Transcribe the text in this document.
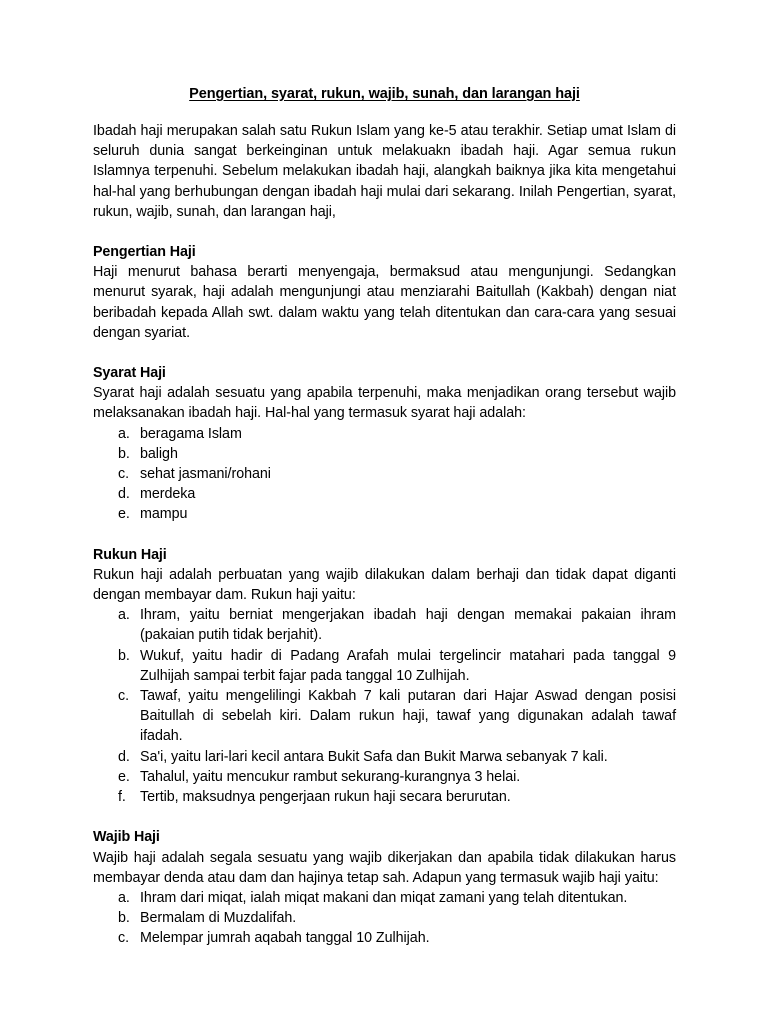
Pengertian, syarat, rukun, wajib, sunah, dan larangan haji

Ibadah haji merupakan salah satu Rukun Islam yang ke-5 atau terakhir. Setiap umat Islam di seluruh dunia sangat berkeinginan untuk melakuakn ibadah haji. Agar semua rukun Islamnya terpenuhi. Sebelum melakukan ibadah haji, alangkah baiknya jika kita mengetahui hal-hal yang berhubungan dengan ibadah haji mulai dari sekarang. Inilah Pengertian, syarat, rukun, wajib, sunah, dan larangan haji,

Pengertian Haji

Haji menurut bahasa berarti menyengaja, bermaksud atau mengunjungi. Sedangkan menurut syarak, haji adalah mengunjungi atau menziarahi Baitullah (Kakbah) dengan niat beribadah kepada Allah swt. dalam waktu yang telah ditentukan dan cara-cara yang sesuai dengan syariat.

Syarat Haji

Syarat haji adalah sesuatu yang apabila terpenuhi, maka menjadikan orang tersebut wajib melaksanakan ibadah haji. Hal-hal yang termasuk syarat haji adalah:

a. beragama Islam
b. baligh
c. sehat jasmani/rohani
d. merdeka
e. mampu
Rukun Haji

Rukun haji adalah perbuatan yang wajib dilakukan dalam berhaji dan tidak dapat diganti dengan membayar dam. Rukun haji yaitu:

a. Ihram, yaitu berniat mengerjakan ibadah haji dengan memakai pakaian ihram (pakaian putih tidak berjahit).
b. Wukuf, yaitu hadir di Padang Arafah mulai tergelincir matahari pada tanggal 9 Zulhijah sampai terbit fajar pada tanggal 10 Zulhijah.
c. Tawaf, yaitu mengelilingi Kakbah 7 kali putaran dari Hajar Aswad dengan posisi Baitullah di sebelah kiri. Dalam rukun haji, tawaf yang digunakan adalah tawaf ifadah.
d. Sa'i, yaitu lari-lari kecil antara Bukit Safa dan Bukit Marwa sebanyak 7 kali.
e. Tahalul, yaitu mencukur rambut sekurang-kurangnya 3 helai.
f. Tertib, maksudnya pengerjaan rukun haji secara berurutan.
Wajib Haji

Wajib haji adalah segala sesuatu yang wajib dikerjakan dan apabila tidak dilakukan harus membayar denda atau dam dan hajinya tetap sah. Adapun yang termasuk wajib haji yaitu:

a. Ihram dari miqat, ialah miqat makani dan miqat zamani yang telah ditentukan.
b. Bermalam di Muzdalifah.
c. Melempar jumrah aqabah tanggal 10 Zulhijah.
